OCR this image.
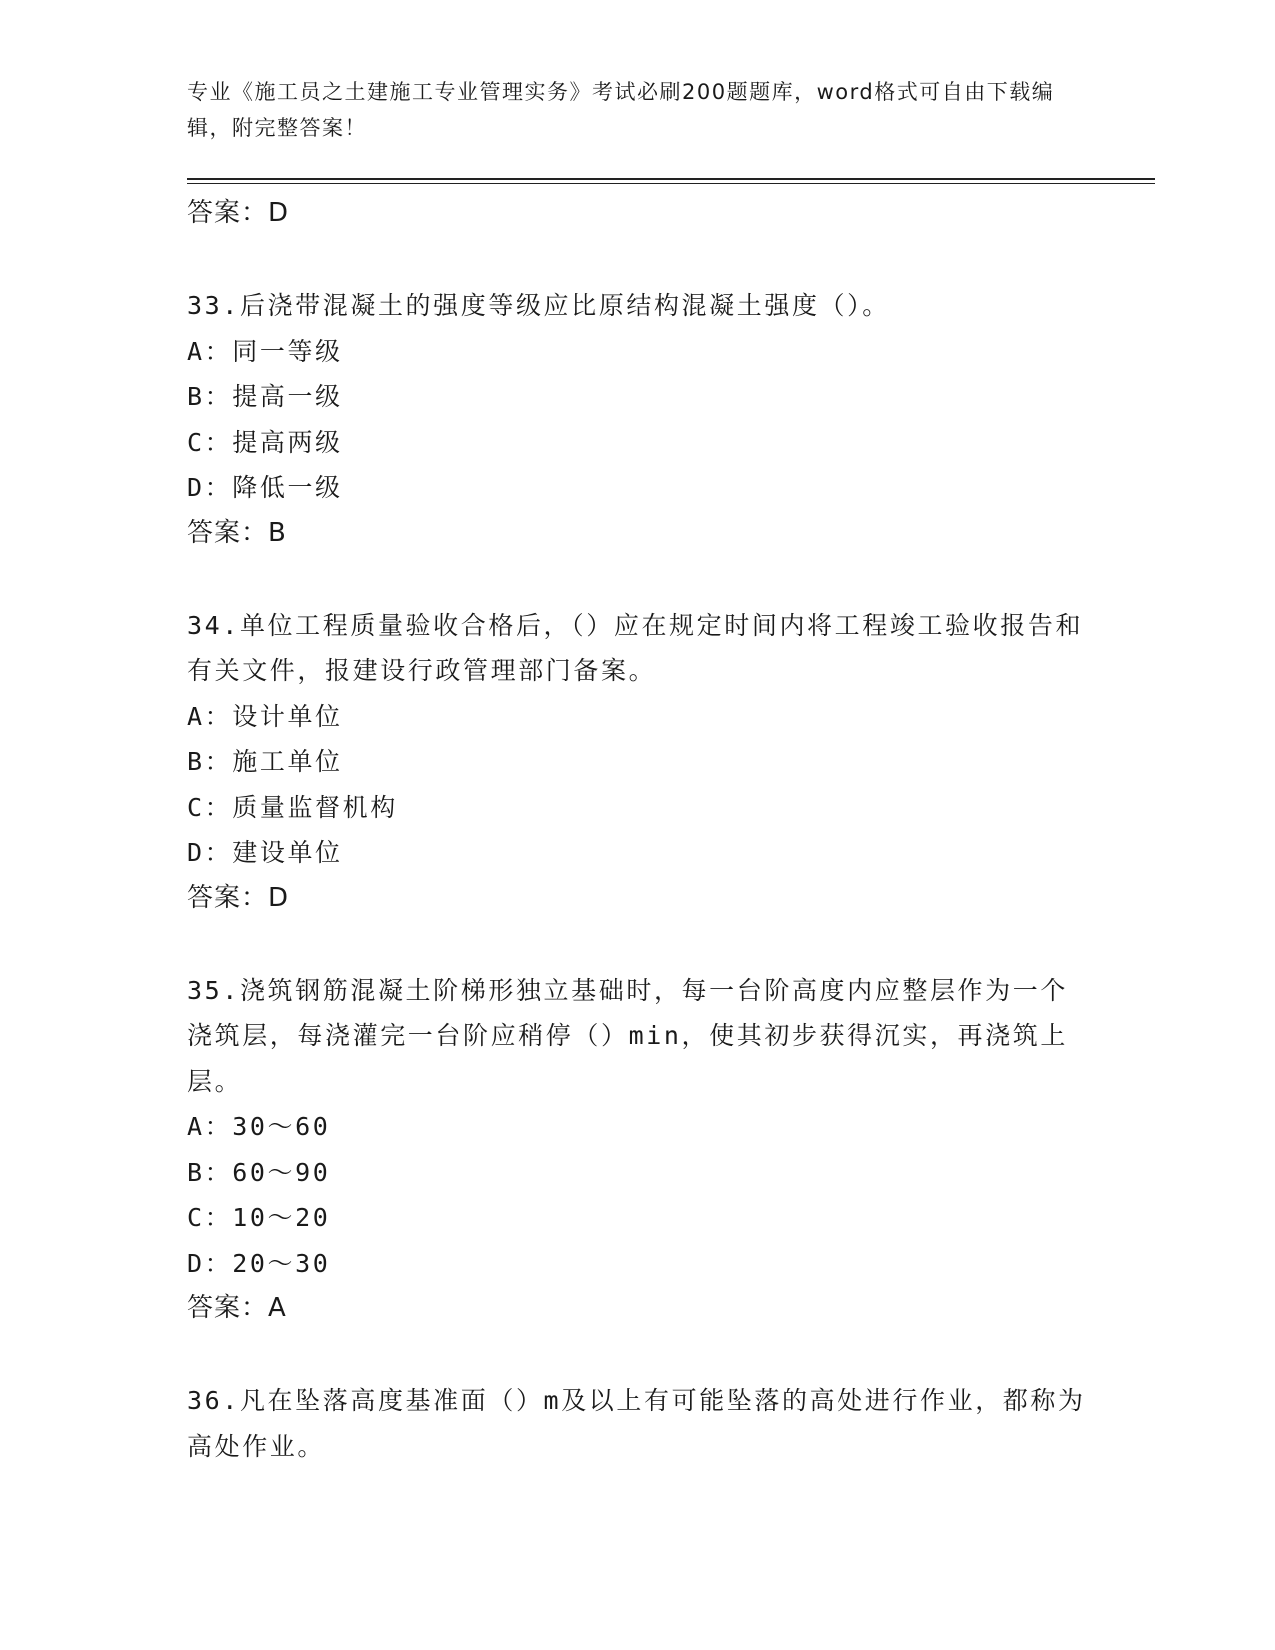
专业《施工员之土建施工专业管理实务》考试必刷200题题库，word格式可自由下载编辑，附完整答案！
答案：D
33.后浇带混凝土的强度等级应比原结构混凝土强度（）。
A：同一等级
B：提高一级
C：提高两级
D：降低一级
答案：B
34.单位工程质量验收合格后，（）应在规定时间内将工程竣工验收报告和有关文件，报建设行政管理部门备案。
A：设计单位
B：施工单位
C：质量监督机构
D：建设单位
答案：D
35.浇筑钢筋混凝土阶梯形独立基础时，每一台阶高度内应整层作为一个浇筑层，每浇灌完一台阶应稍停（）min，使其初步获得沉实，再浇筑上层。
A：30～60
B：60～90
C：10～20
D：20～30
答案：A
36.凡在坠落高度基准面（）m及以上有可能坠落的高处进行作业，都称为高处作业。
